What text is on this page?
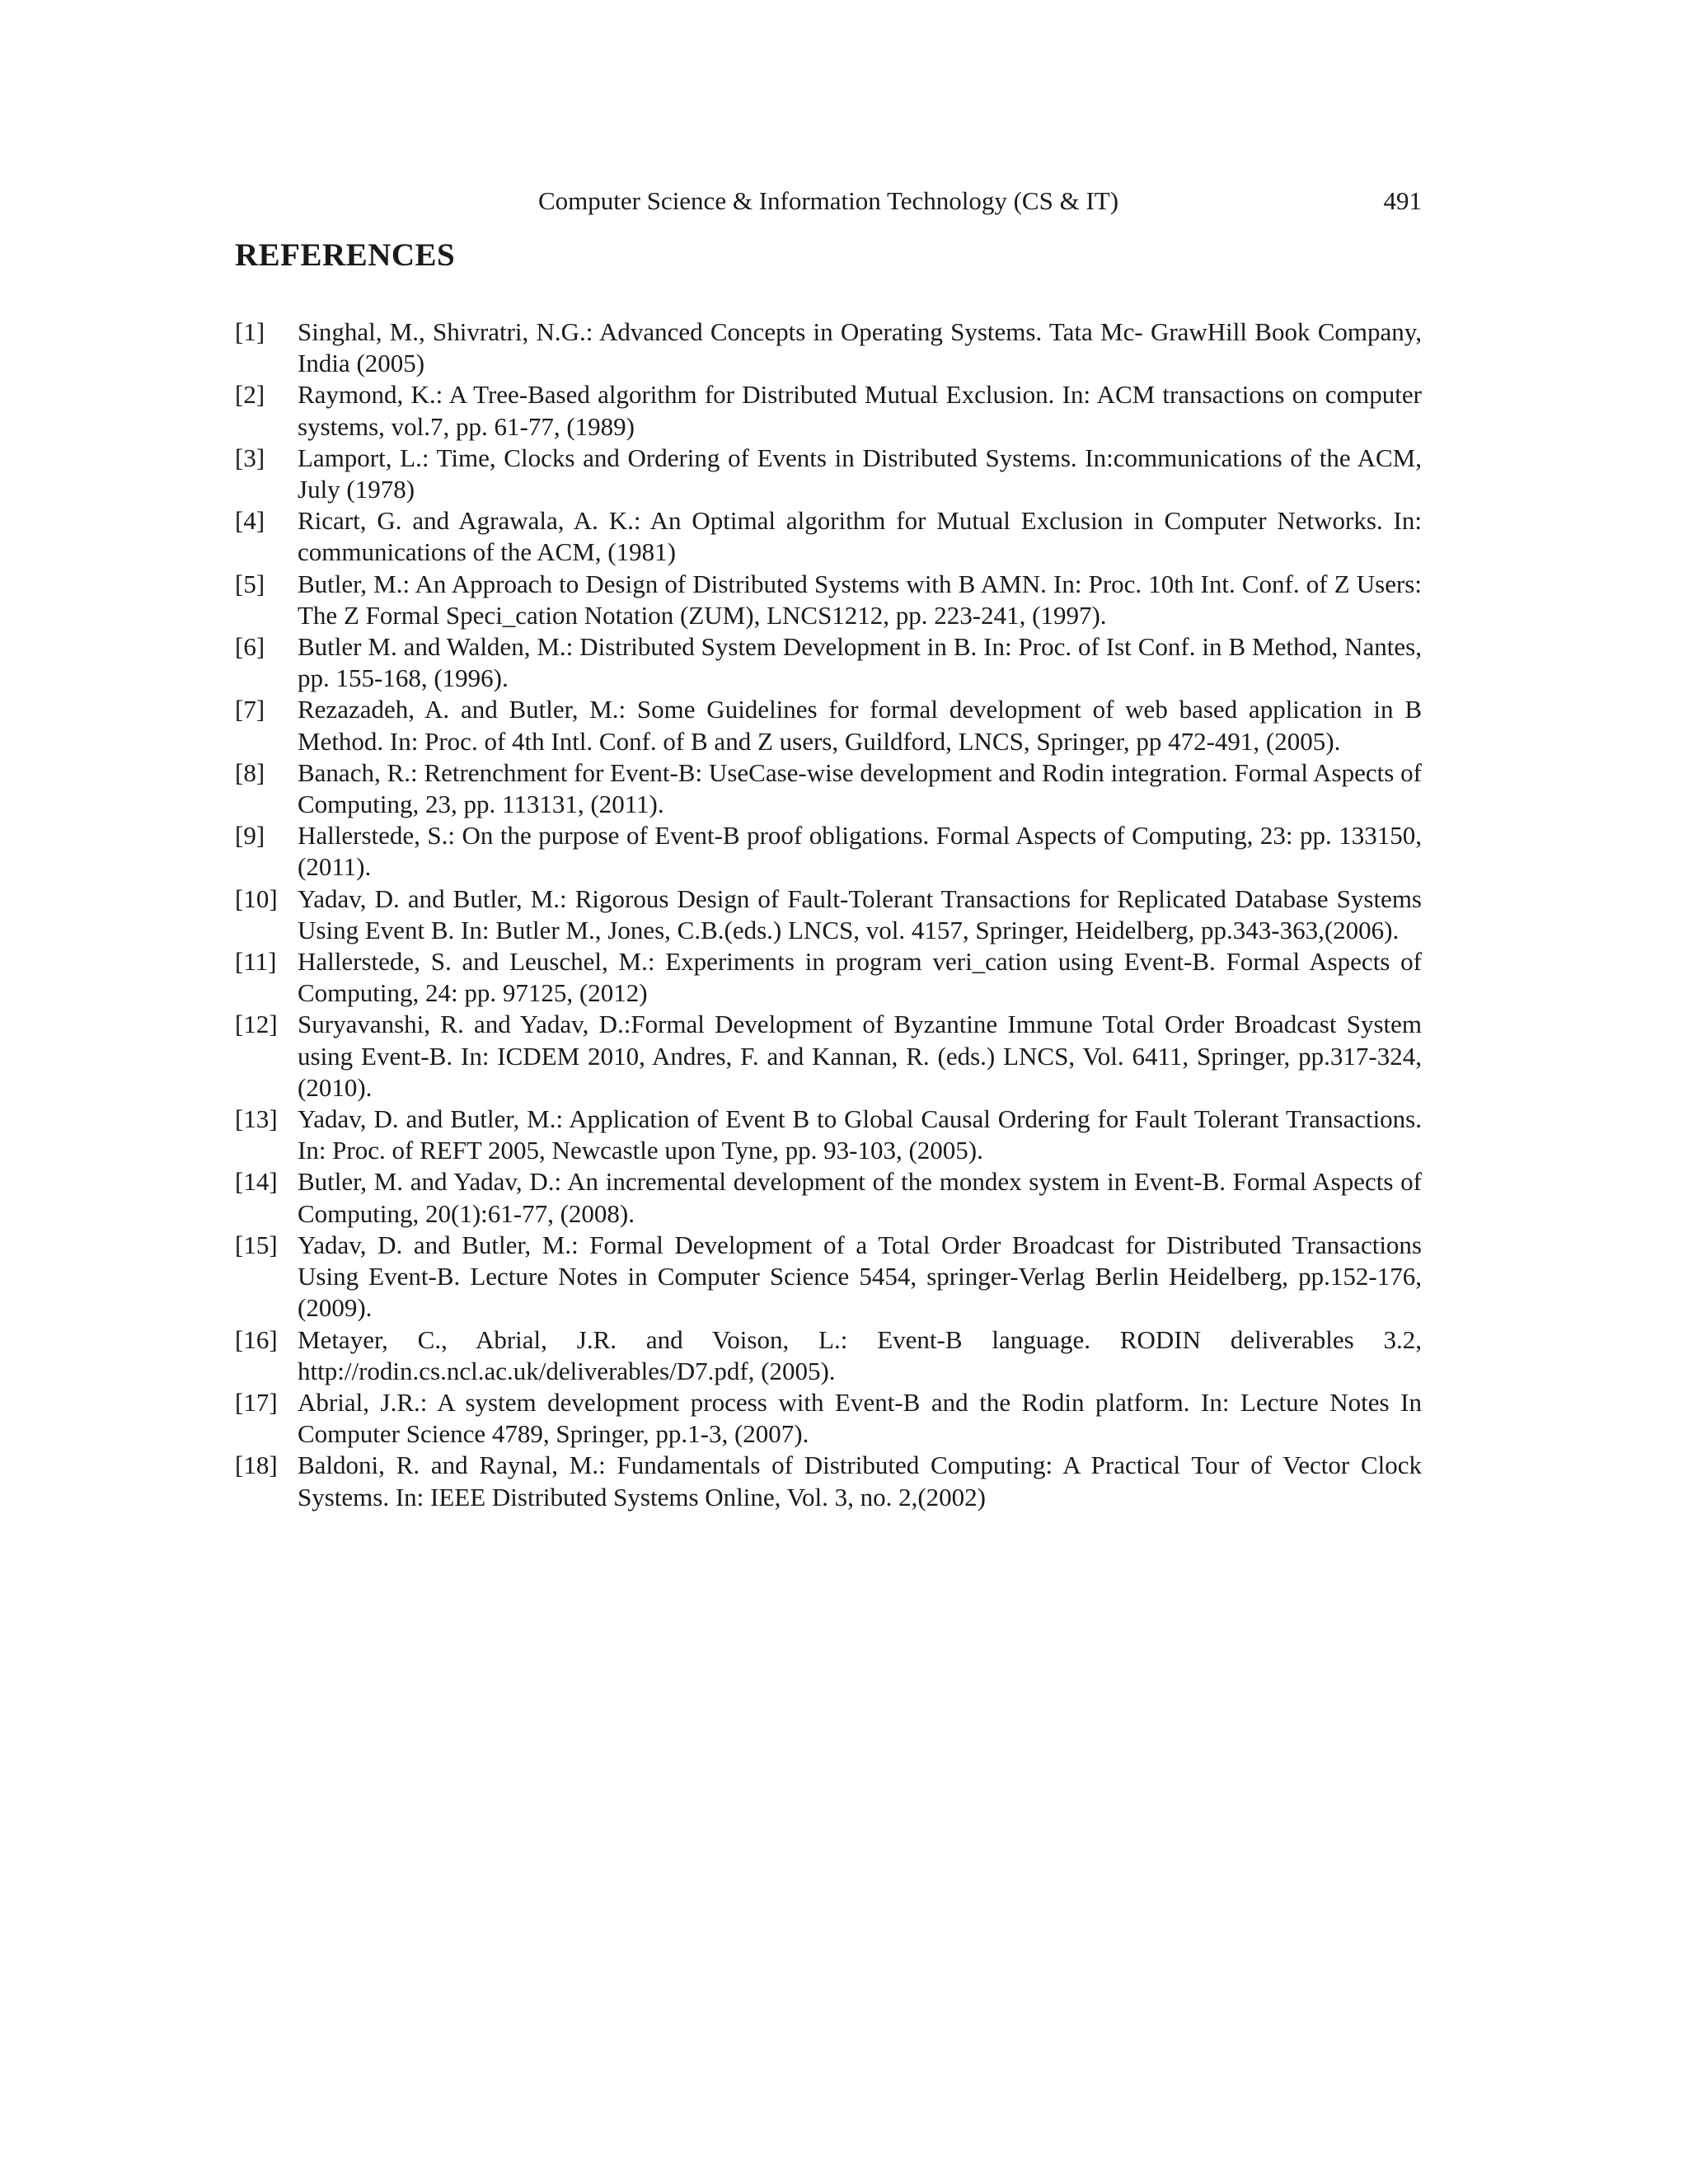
Computer Science & Information Technology (CS & IT)	491
REFERENCES
[1]	Singhal, M., Shivratri, N.G.: Advanced Concepts in Operating Systems. Tata Mc- GrawHill Book Company, India (2005)
[2]	Raymond, K.: A Tree-Based algorithm for Distributed Mutual Exclusion. In: ACM transactions on computer systems, vol.7, pp. 61-77, (1989)
[3]	Lamport, L.: Time, Clocks and Ordering of Events in Distributed Systems. In:communications of the ACM, July (1978)
[4]	Ricart, G. and Agrawala, A. K.: An Optimal algorithm for Mutual Exclusion in Computer Networks. In: communications of the ACM, (1981)
[5]	Butler, M.: An Approach to Design of Distributed Systems with B AMN. In: Proc. 10th Int. Conf. of Z Users: The Z Formal Speci_cation Notation (ZUM), LNCS1212, pp. 223-241, (1997).
[6]	Butler M. and Walden, M.: Distributed System Development in B. In: Proc. of Ist Conf. in B Method, Nantes, pp. 155-168, (1996).
[7]	Rezazadeh, A. and Butler, M.: Some Guidelines for formal development of web based application in B Method. In: Proc. of 4th Intl. Conf. of B and Z users, Guildford, LNCS, Springer, pp 472-491, (2005).
[8]	Banach, R.: Retrenchment for Event-B: UseCase-wise development and Rodin integration. Formal Aspects of Computing, 23, pp. 113131, (2011).
[9]	Hallerstede, S.: On the purpose of Event-B proof obligations. Formal Aspects of Computing, 23: pp. 133150, (2011).
[10] Yadav, D. and Butler, M.: Rigorous Design of Fault-Tolerant Transactions for Replicated Database Systems Using Event B. In: Butler M., Jones, C.B.(eds.) LNCS, vol. 4157, Springer, Heidelberg, pp.343-363,(2006).
[11] Hallerstede, S. and Leuschel, M.: Experiments in program veri_cation using Event-B. Formal Aspects of Computing, 24: pp. 97125, (2012)
[12] Suryavanshi, R. and Yadav, D.:Formal Development of Byzantine Immune Total Order Broadcast System using Event-B. In: ICDEM 2010, Andres, F. and Kannan, R. (eds.) LNCS, Vol. 6411, Springer, pp.317-324, (2010).
[13] Yadav, D. and Butler, M.: Application of Event B to Global Causal Ordering for Fault Tolerant Transactions. In: Proc. of REFT 2005, Newcastle upon Tyne, pp. 93-103, (2005).
[14] Butler, M. and Yadav, D.: An incremental development of the mondex system in Event-B. Formal Aspects of Computing, 20(1):61-77, (2008).
[15] Yadav, D. and Butler, M.: Formal Development of a Total Order Broadcast for Distributed Transactions Using Event-B. Lecture Notes in Computer Science 5454, springer-Verlag Berlin Heidelberg, pp.152-176, (2009).
[16] Metayer, C., Abrial, J.R. and Voison, L.: Event-B language. RODIN deliverables 3.2, http://rodin.cs.ncl.ac.uk/deliverables/D7.pdf, (2005).
[17] Abrial, J.R.: A system development process with Event-B and the Rodin platform. In: Lecture Notes In Computer Science 4789, Springer, pp.1-3, (2007).
[18] Baldoni, R. and Raynal, M.: Fundamentals of Distributed Computing: A Practical Tour of Vector Clock Systems. In: IEEE Distributed Systems Online, Vol. 3, no. 2,(2002)
